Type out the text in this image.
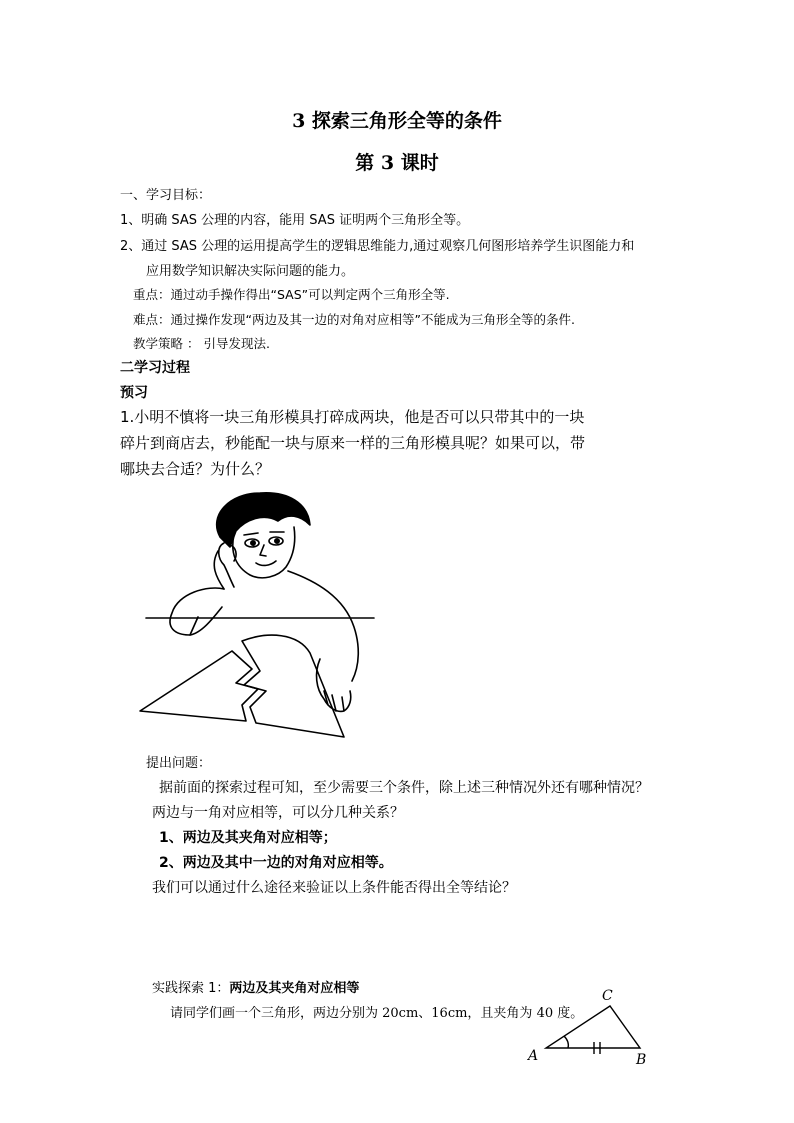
3 探索三角形全等的条件
第 3 课时
一、学习目标：
1、明确 SAS 公理的内容，能用 SAS 证明两个三角形全等。
2、通过 SAS 公理的运用提高学生的逻辑思维能力,通过观察几何图形培养学生识图能力和
应用数学知识解决实际问题的能力。
重点：通过动手操作得出“SAS”可以判定两个三角形全等.
难点：通过操作发现“两边及其一边的对角对应相等”不能成为三角形全等的条件.
教学策略 ： 引导发现法.
二学习过程
预习
1.小明不慎将一块三角形模具打碎成两块，他是否可以只带其中的一块
碎片到商店去，秒能配一块与原来一样的三角形模具呢？如果可以，带
哪块去合适？为什么？
提出问题：
据前面的探索过程可知，至少需要三个条件，除上述三种情况外还有哪种情况？
两边与一角对应相等，可以分几种关系？
1、两边及其夹角对应相等；
2、两边及其中一边的对角对应相等。
我们可以通过什么途径来验证以上条件能否得出全等结论？
实践探索 1：两边及其夹角对应相等
请同学们画一个三角形，两边分别为 20cm、16cm，且夹角为 40 度。
A	B
C
